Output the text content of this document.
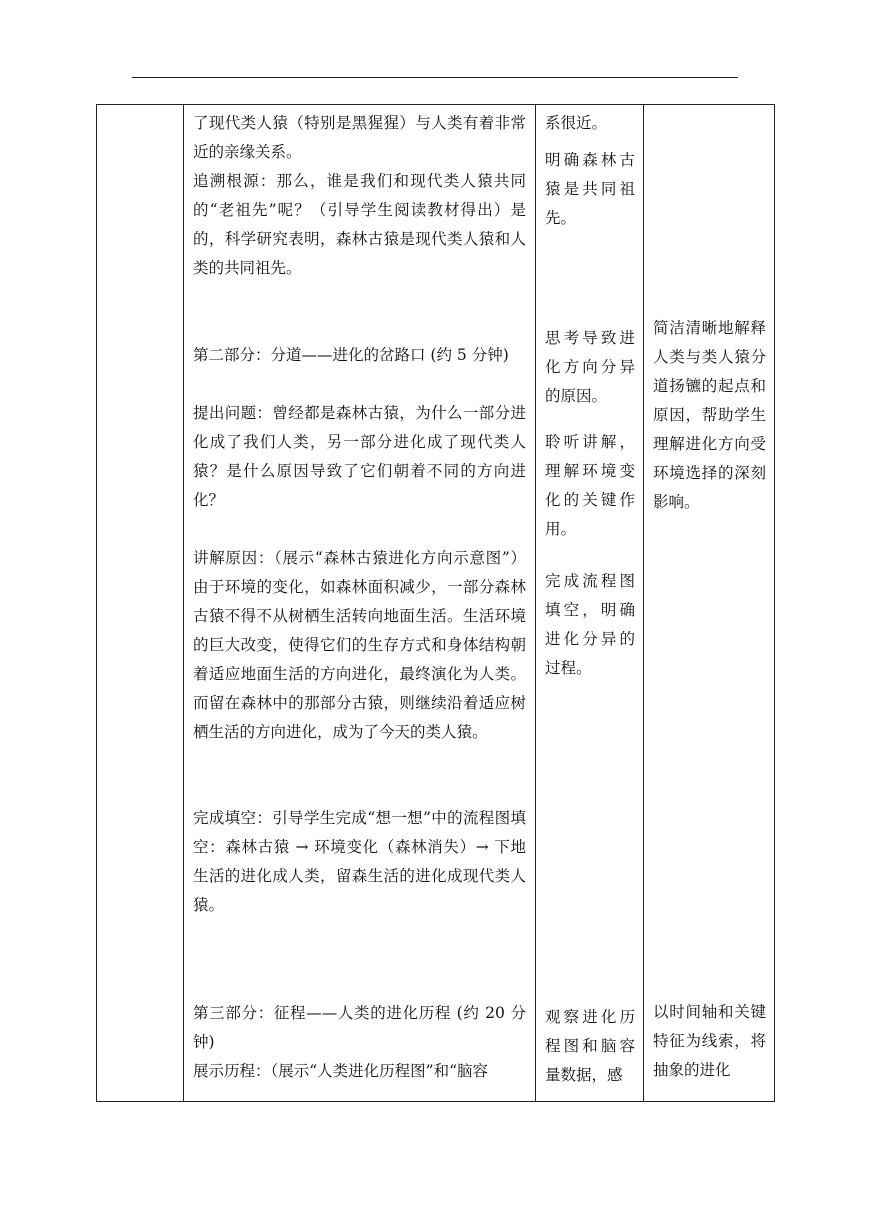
了现代类人猿（特别是黑猩猩）与人类有着非常近的亲缘关系。

追溯根源：那么，谁是我们和现代类人猿共同的“老祖先”呢？（引导学生阅读教材得出）是的，科学研究表明，森林古猿是现代类人猿和人类的共同祖先。

第二部分：分道——进化的岔路口 (约 5 分钟)

提出问题：曾经都是森林古猿，为什么一部分进化成了我们人类，另一部分进化成了现代类人猿？是什么原因导致了它们朝着不同的方向进化？

讲解原因：（展示“森林古猿进化方向示意图”）由于环境的变化，如森林面积减少，一部分森林古猿不得不从树栖生活转向地面生活。生活环境的巨大改变，使得它们的生存方式和身体结构朝着适应地面生活的方向进化，最终演化为人类。而留在森林中的那部分古猿，则继续沿着适应树栖生活的方向进化，成为了今天的类人猿。

完成填空：引导学生完成“想一想”中的流程图填空：森林古猿 → 环境变化（森林消失）→ 下地生活的进化成人类，留森生活的进化成现代类人猿。

第三部分：征程——人类的进化历程 (约 20 分钟)

展示历程：（展示“人类进化历程图”和“脑容

系很近。

明确森林古猿是共同祖先。

思考导致进化方向分异的原因。

聆听讲解，理解环境变化的关键作用。

完成流程图填空，明确进化分异的过程。

观察进化历程图和脑容量数据，感

简洁清晰地解释人类与类人猿分道扬镳的起点和原因，帮助学生理解进化方向受环境选择的深刻影响。

以时间轴和关键特征为线索，将抽象的进化
